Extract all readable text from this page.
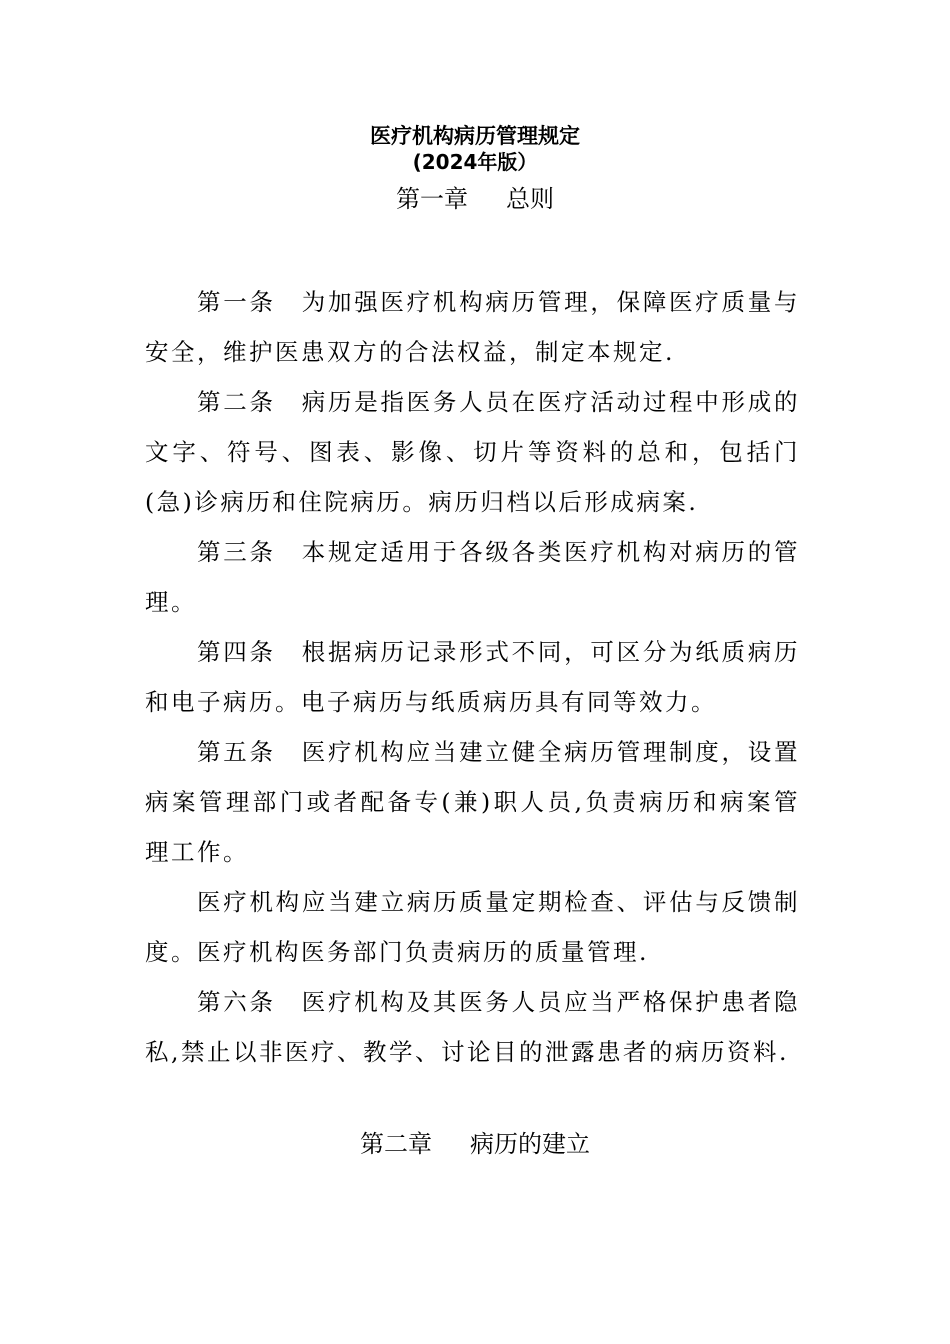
医疗机构病历管理规定
(2024年版）
第一章 总则

第一条 为加强医疗机构病历管理，保障医疗质量与安全，维护医患双方的合法权益，制定本规定.

第二条 病历是指医务人员在医疗活动过程中形成的文字、符号、图表、影像、切片等资料的总和，包括门(急)诊病历和住院病历。病历归档以后形成病案.

第三条 本规定适用于各级各类医疗机构对病历的管理。

第四条 根据病历记录形式不同，可区分为纸质病历和电子病历。电子病历与纸质病历具有同等效力。

第五条 医疗机构应当建立健全病历管理制度，设置病案管理部门或者配备专(兼)职人员,负责病历和病案管理工作。

医疗机构应当建立病历质量定期检查、评估与反馈制度。医疗机构医务部门负责病历的质量管理.

第六条 医疗机构及其医务人员应当严格保护患者隐私,禁止以非医疗、教学、讨论目的泄露患者的病历资料.

第二章 病历的建立
